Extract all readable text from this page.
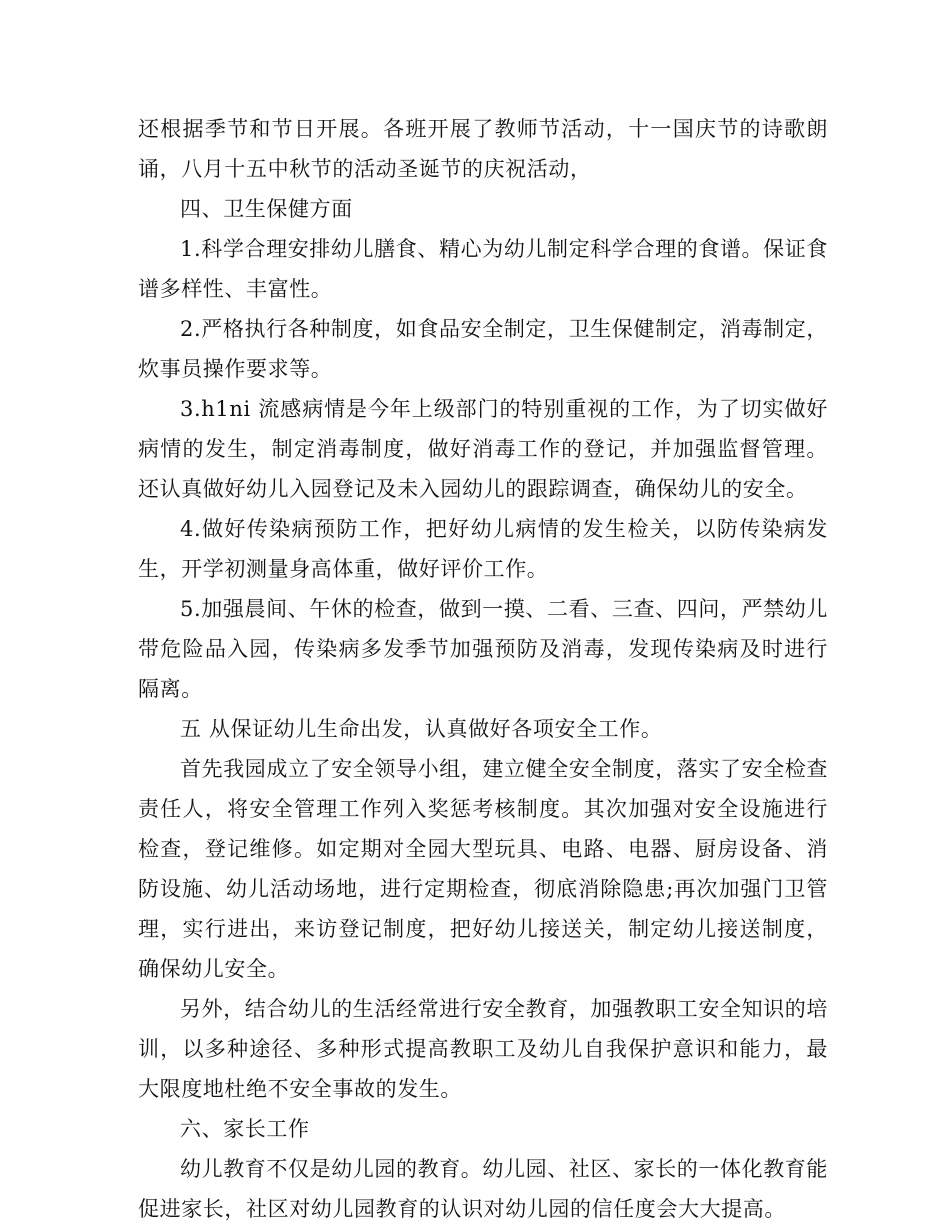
还根据季节和节日开展。各班开展了教师节活动，十一国庆节的诗歌朗诵，八月十五中秋节的活动圣诞节的庆祝活动，

四、卫生保健方面

1.科学合理安排幼儿膳食、精心为幼儿制定科学合理的食谱。保证食谱多样性、丰富性。

2.严格执行各种制度，如食品安全制定，卫生保健制定，消毒制定，炊事员操作要求等。

3.h1ni 流感病情是今年上级部门的特别重视的工作，为了切实做好病情的发生，制定消毒制度，做好消毒工作的登记，并加强监督管理。还认真做好幼儿入园登记及未入园幼儿的跟踪调查，确保幼儿的安全。

4.做好传染病预防工作，把好幼儿病情的发生检关，以防传染病发生，开学初测量身高体重，做好评价工作。

5.加强晨间、午休的检查，做到一摸、二看、三查、四问，严禁幼儿带危险品入园，传染病多发季节加强预防及消毒，发现传染病及时进行隔离。

五 从保证幼儿生命出发，认真做好各项安全工作。

首先我园成立了安全领导小组，建立健全安全制度，落实了安全检查责任人，将安全管理工作列入奖惩考核制度。其次加强对安全设施进行检查，登记维修。如定期对全园大型玩具、电路、电器、厨房设备、消防设施、幼儿活动场地，进行定期检查，彻底消除隐患;再次加强门卫管理，实行进出，来访登记制度，把好幼儿接送关，制定幼儿接送制度，确保幼儿安全。

另外，结合幼儿的生活经常进行安全教育，加强教职工安全知识的培训，以多种途径、多种形式提高教职工及幼儿自我保护意识和能力，最大限度地杜绝不安全事故的发生。

六、家长工作

幼儿教育不仅是幼儿园的教育。幼儿园、社区、家长的一体化教育能促进家长，社区对幼儿园教育的认识对幼儿园的信任度会大大提高。
